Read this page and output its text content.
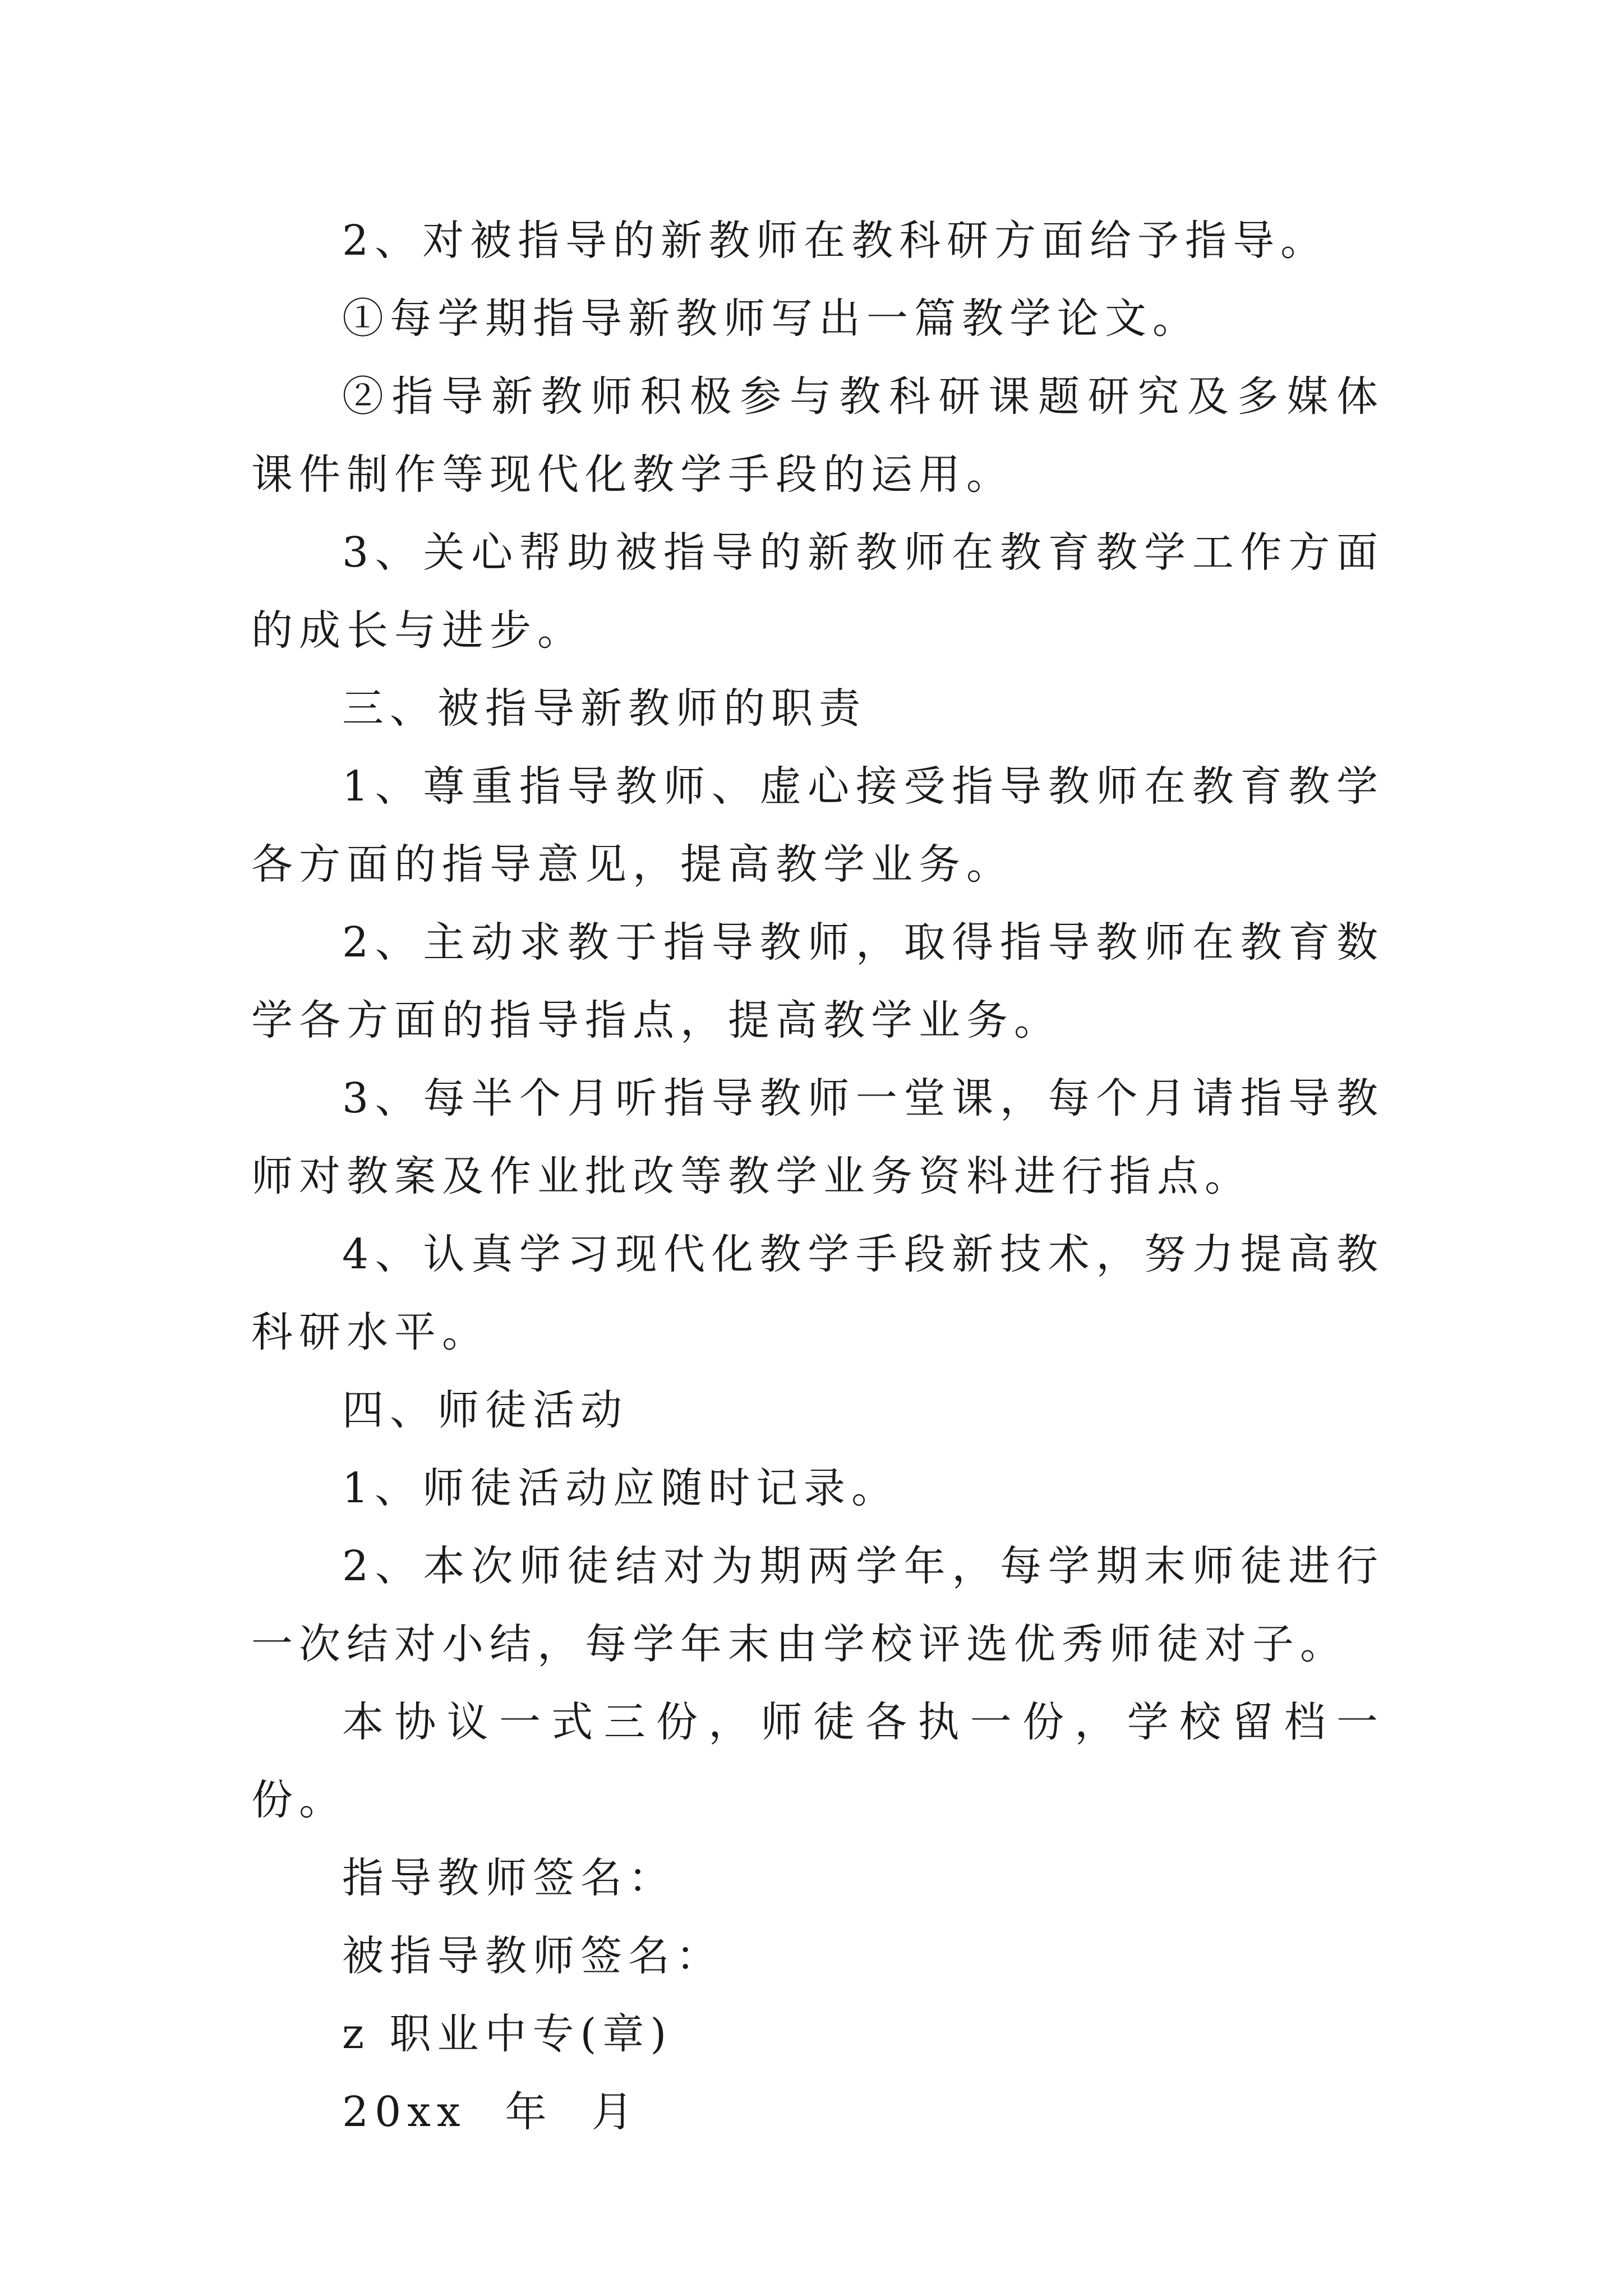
2、对被指导的新教师在教科研方面给予指导。

①每学期指导新教师写出一篇教学论文。

②指导新教师积极参与教科研课题研究及多媒体课件制作等现代化教学手段的运用。

3、关心帮助被指导的新教师在教育教学工作方面的成长与进步。

三、被指导新教师的职责

1、尊重指导教师、虚心接受指导教师在教育教学各方面的指导意见，提高教学业务。

2、主动求教于指导教师，取得指导教师在教育数学各方面的指导指点，提高教学业务。

3、每半个月听指导教师一堂课，每个月请指导教师对教案及作业批改等教学业务资料进行指点。

4、认真学习现代化教学手段新技术，努力提高教科研水平。

四、师徒活动

1、师徒活动应随时记录。

2、本次师徒结对为期两学年，每学期末师徒进行一次结对小结，每学年末由学校评选优秀师徒对子。

本协议一式三份，师徒各执一份，学校留档一份。

指导教师签名：

被指导教师签名：

z 职业中专(章)

20xx  年  月
